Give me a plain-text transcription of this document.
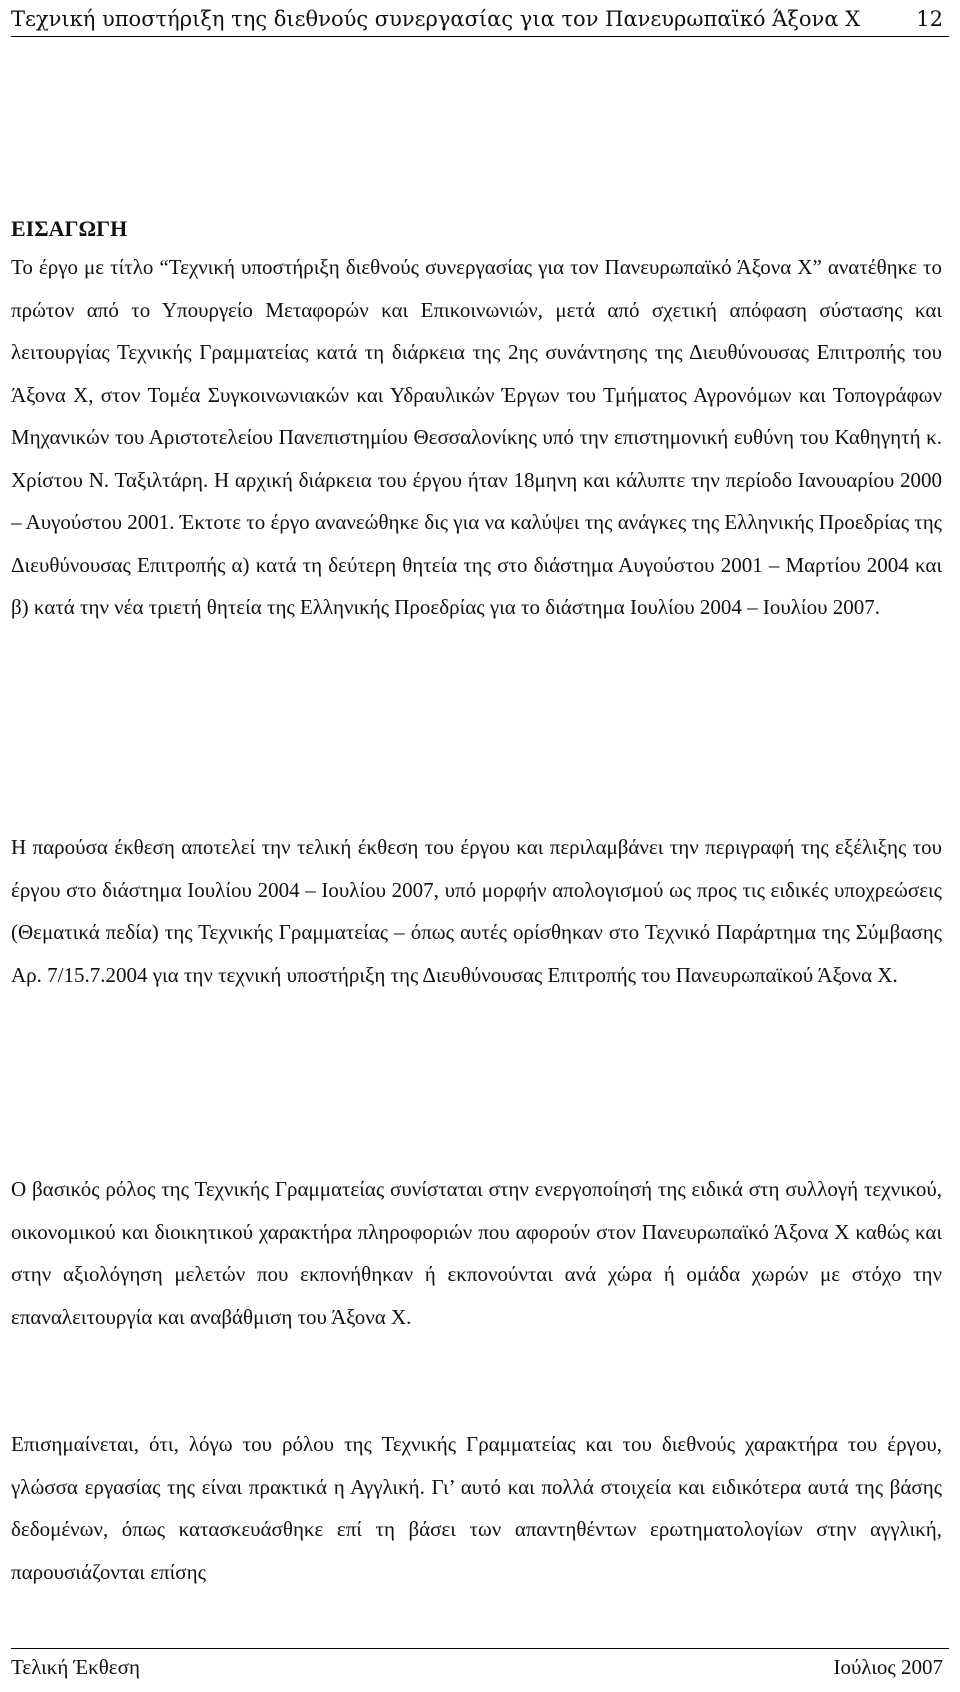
Τεχνική υποστήριξη της διεθνούς συνεργασίας για τον Πανευρωπαϊκό Άξονα Χ	12
ΕΙΣΑΓΩΓΗ

Το έργο με τίτλο “Τεχνική υποστήριξη διεθνούς συνεργασίας για τον Πανευρωπαϊκό Άξονα Χ” ανατέθηκε το πρώτον από το Υπουργείο Μεταφορών και Επικοινωνιών, μετά από σχετική απόφαση σύστασης και λειτουργίας Τεχνικής Γραμματείας κατά τη διάρκεια της 2ης συνάντησης της Διευθύνουσας Επιτροπής του Άξονα Χ, στον Τομέα Συγκοινωνιακών και Υδραυλικών Έργων του Τμήματος Αγρονόμων και Τοπογράφων Μηχανικών του Αριστοτελείου Πανεπιστημίου Θεσσαλονίκης υπό την επιστημονική ευθύνη του Καθηγητή κ. Χρίστου Ν. Ταξιλτάρη. Η αρχική διάρκεια του έργου ήταν 18μηνη και κάλυπτε την περίοδο Ιανουαρίου 2000 – Αυγούστου 2001. Έκτοτε το έργο ανανεώθηκε δις για να καλύψει της ανάγκες της Ελληνικής Προεδρίας της Διευθύνουσας Επιτροπής α) κατά τη δεύτερη θητεία της στο διάστημα Αυγούστου 2001 – Μαρτίου 2004 και β) κατά την νέα τριετή θητεία της Ελληνικής Προεδρίας για το διάστημα Ιουλίου 2004 – Ιουλίου 2007.

Η παρούσα έκθεση αποτελεί την τελική έκθεση του έργου και περιλαμβάνει την περιγραφή της εξέλιξης του έργου στο διάστημα Ιουλίου 2004 – Ιουλίου 2007, υπό μορφήν απολογισμού ως προς τις ειδικές υποχρεώσεις (Θεματικά πεδία) της Τεχνικής Γραμματείας – όπως αυτές ορίσθηκαν στο Τεχνικό Παράρτημα της Σύμβασης Αρ. 7/15.7.2004 για την τεχνική υποστήριξη της Διευθύνουσας Επιτροπής του Πανευρωπαϊκού Άξονα Χ.

Ο βασικός ρόλος της Τεχνικής Γραμματείας συνίσταται στην ενεργοποίησή της ειδικά στη συλλογή τεχνικού, οικονομικού και διοικητικού χαρακτήρα πληροφοριών που αφορούν στον Πανευρωπαϊκό Άξονα Χ καθώς και στην αξιολόγηση μελετών που εκπονήθηκαν ή εκπονούνται ανά χώρα ή ομάδα χωρών με στόχο την επαναλειτουργία και αναβάθμιση του Άξονα Χ.

Επισημαίνεται, ότι, λόγω του ρόλου της Τεχνικής Γραμματείας και του διεθνούς χαρακτήρα του έργου, γλώσσα εργασίας της είναι πρακτικά η Αγγλική. Γι’ αυτό και πολλά στοιχεία και ειδικότερα αυτά της βάσης δεδομένων, όπως κατασκευάσθηκε επί τη βάσει των απαντηθέντων ερωτηματολογίων στην αγγλική, παρουσιάζονται επίσης

Τελική Έκθεση	Ιούλιος 2007
